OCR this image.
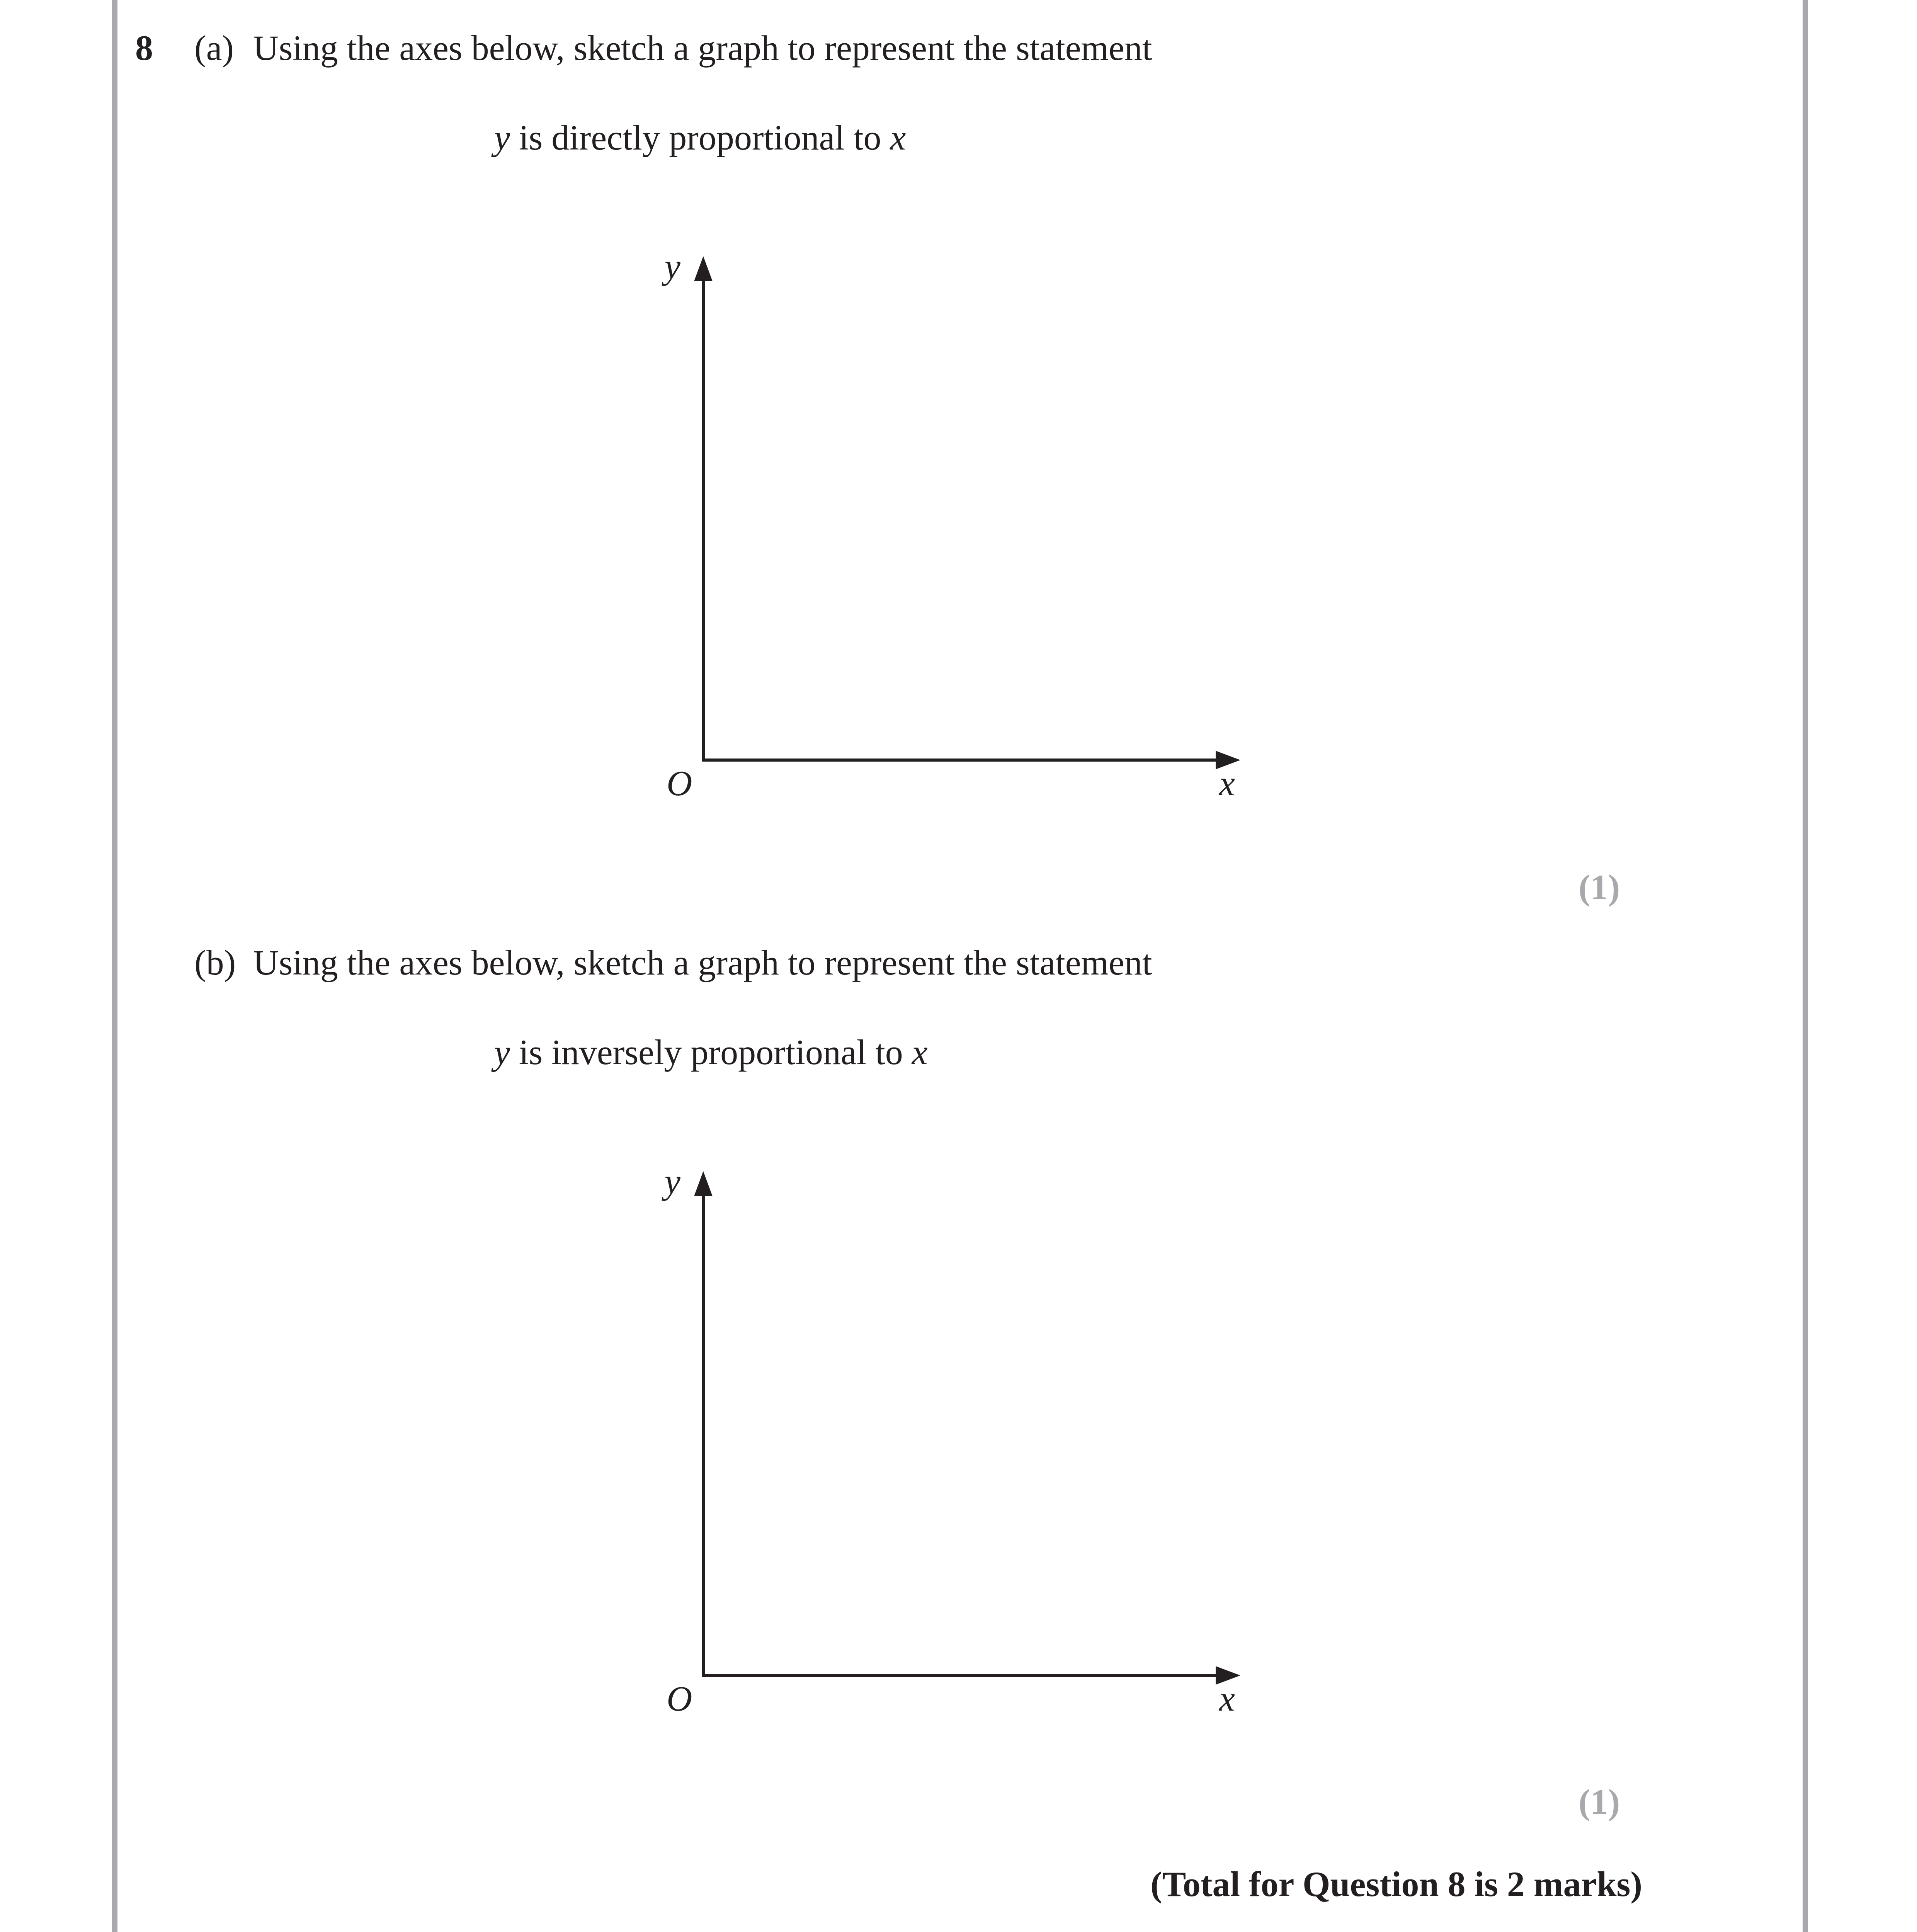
8 (a) Using the axes below, sketch a graph to represent the statement
y is directly proportional to x
y
x
O
(1)
(b) Using the axes below, sketch a graph to represent the statement
y is inversely proportional to x
y
x
O
(1)
(Total for Question 8 is 2 marks)
